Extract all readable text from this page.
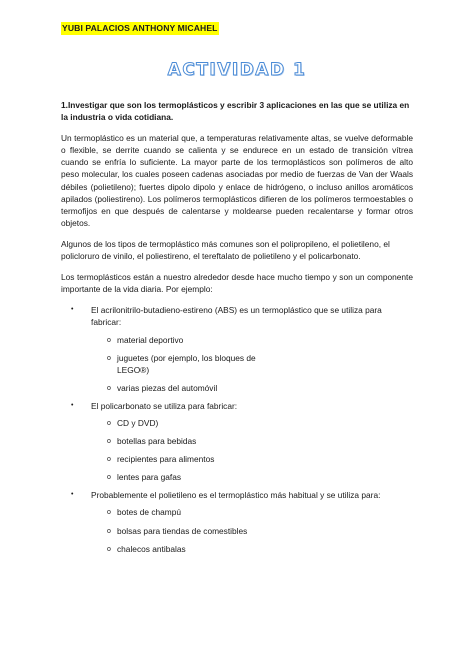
YUBI PALACIOS ANTHONY MICAHEL
ACTIVIDAD 1

1.Investigar que son los termoplásticos y escribir 3 aplicaciones en las que se utiliza en la industria o vida cotidiana.

Un termoplástico es un material que, a temperaturas relativamente altas, se vuelve deformable o flexible, se derrite cuando se calienta y se endurece en un estado de transición vítrea cuando se enfría lo suficiente. La mayor parte de los termoplásticos son polímeros de alto peso molecular, los cuales poseen cadenas asociadas por medio de fuerzas de Van der Waals débiles (polietileno); fuertes dipolo dipolo y enlace de hidrógeno, o incluso anillos aromáticos apilados (poliestireno). Los polímeros termoplásticos difieren de los polímeros termoestables o termofijos en que después de calentarse y moldearse pueden recalentarse y formar otros objetos.

Algunos de los tipos de termoplástico más comunes son el polipropileno, el polietileno, el policloruro de vinilo, el poliestireno, el tereftalato de polietileno y el policarbonato.

Los termoplásticos están a nuestro alrededor desde hace mucho tiempo y son un componente importante de la vida diaria. Por ejemplo:

• El acrilonitrilo-butadieno-estireno (ABS) es un termoplástico que se utiliza para fabricar:
o material deportivo
o juguetes (por ejemplo, los bloques de LEGO®)
o varias piezas del automóvil
• El policarbonato se utiliza para fabricar:
o CD y DVD)
o botellas para bebidas
o recipientes para alimentos
o lentes para gafas
• Probablemente el polietileno es el termoplástico más habitual y se utiliza para:
o botes de champú
o bolsas para tiendas de comestibles
o chalecos antibalas
